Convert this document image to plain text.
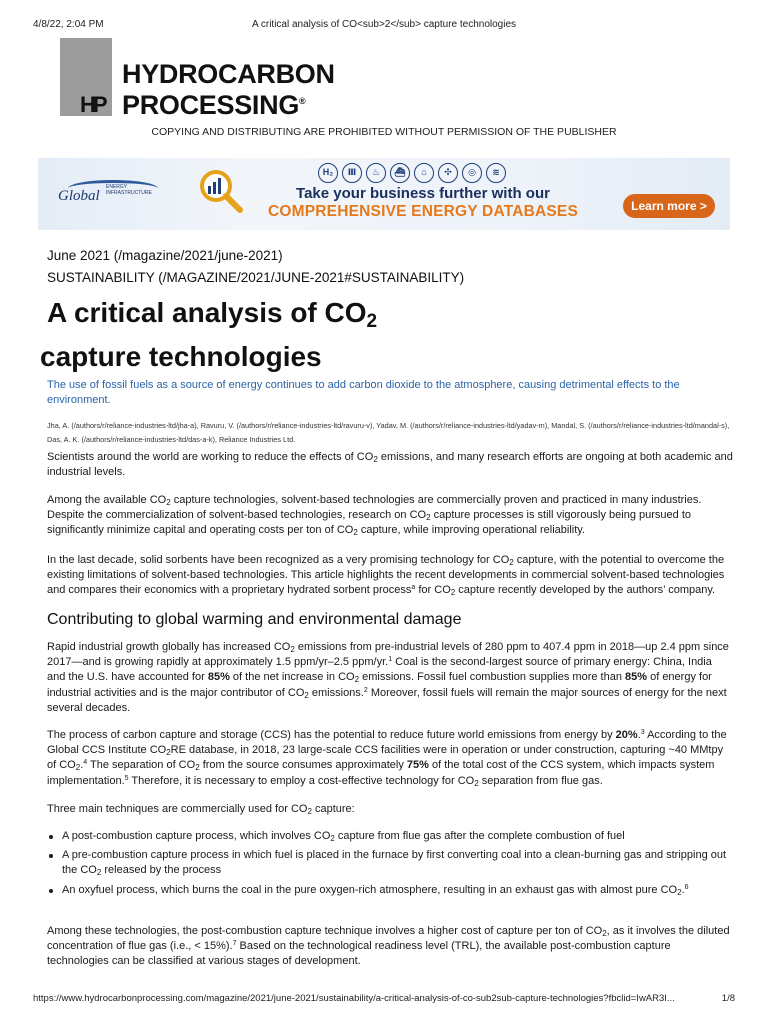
4/8/22, 2:04 PM	A critical analysis of CO<sub>2</sub> capture technologies
HP
HYDROCARBON
PROCESSING®
COPYING AND DISTRIBUTING ARE PROHIBITED WITHOUT PERMISSION OF THE PUBLISHER
Global
ENERGY INFRASTRUCTURE
H₂	Ⅲ	♨	⛴	⌂	✣	◎	≋
Take your business further with our
COMPREHENSIVE ENERGY DATABASES	Learn more >
June 2021 (/magazine/2021/june-2021)
SUSTAINABILITY (/MAGAZINE/2021/JUNE-2021#SUSTAINABILITY)
A critical analysis of $CO_2$
capture technologies
The use of fossil fuels as a source of energy continues to add carbon dioxide to the atmosphere, causing detrimental effects to the environment.
Jha, A. (/authors/r/reliance-industries-ltd/jha-a), Ravuru, V. (/authors/r/reliance-industries-ltd/ravuru-v), Yadav, M. (/authors/r/reliance-industries-ltd/yadav-m), Mandal, S. (/authors/r/reliance-industries-ltd/mandal-s), Das, A. K. (/authors/r/reliance-industries-ltd/das-a-k), Reliance Industries Ltd.

Scientists around the world are working to reduce the effects of $CO_2$ emissions, and many research efforts are ongoing at both academic and industrial levels.

Among the available $CO_2$ capture technologies, solvent-based technologies are commercially proven and practiced in many industries. Despite the commercialization of solvent-based technologies, research on $CO_2$ capture processes is still vigorously being pursued to significantly minimize capital and operating costs per ton of $CO_2$ capture, while improving operational reliability.

In the last decade, solid sorbents have been recognized as a very promising technology for $CO_2$ capture, with the potential to overcome the existing limitations of solvent-based technologies. This article highlights the recent developments in commercial solvent-based technologies and compares their economics with a proprietary hydrated sorbent process$^a$ for $CO_2$ capture recently developed by the authors’ company.

Contributing to global warming and environmental damage

Rapid industrial growth globally has increased $CO_2$ emissions from pre-industrial levels of 280 ppm to 407.4 ppm in 2018—up 2.4 ppm since 2017—and is growing rapidly at approximately 1.5 ppm/yr–2.5 ppm/yr.$^1$ Coal is the second-largest source of primary energy: China, India and the U.S. have accounted for 85% of the net increase in $CO_2$ emissions. Fossil fuel combustion supplies more than 85% of energy for industrial activities and is the major contributor of $CO_2$ emissions.$^2$ Moreover, fossil fuels will remain the major sources of energy for the next several decades.

The process of carbon capture and storage (CCS) has the potential to reduce future world emissions from energy by 20%.$^3$ According to the Global CCS Institute $CO_2RE$ database, in 2018, 23 large-scale CCS facilities were in operation or under construction, capturing ~40 MMtpy of $CO_2.^4$ The separation of $CO_2$ from the source consumes approximately 75% of the total cost of the CCS system, which impacts system implementation.$^5$ Therefore, it is necessary to employ a cost-effective technology for $CO_2$ separation from flue gas.

Three main techniques are commercially used for $CO_2$ capture:

A post-combustion capture process, which involves $CO_2$ capture from flue gas after the complete combustion of fuel
A pre-combustion capture process in which fuel is placed in the furnace by first converting coal into a clean-burning gas and stripping out the $CO_2$ released by the process
An oxyfuel process, which burns the coal in the pure oxygen-rich atmosphere, resulting in an exhaust gas with almost pure $CO_2.^6$

Among these technologies, the post-combustion capture technique involves a higher cost of capture per ton of $CO_2$, as it involves the diluted concentration of flue gas (i.e., < 15%).$^7$ Based on the technological readiness level (TRL), the available post-combustion capture technologies can be classified at various stages of development.

https://www.hydrocarbonprocessing.com/magazine/2021/june-2021/sustainability/a-critical-analysis-of-co-sub2sub-capture-technologies?fbclid=IwAR3I...	1/8
